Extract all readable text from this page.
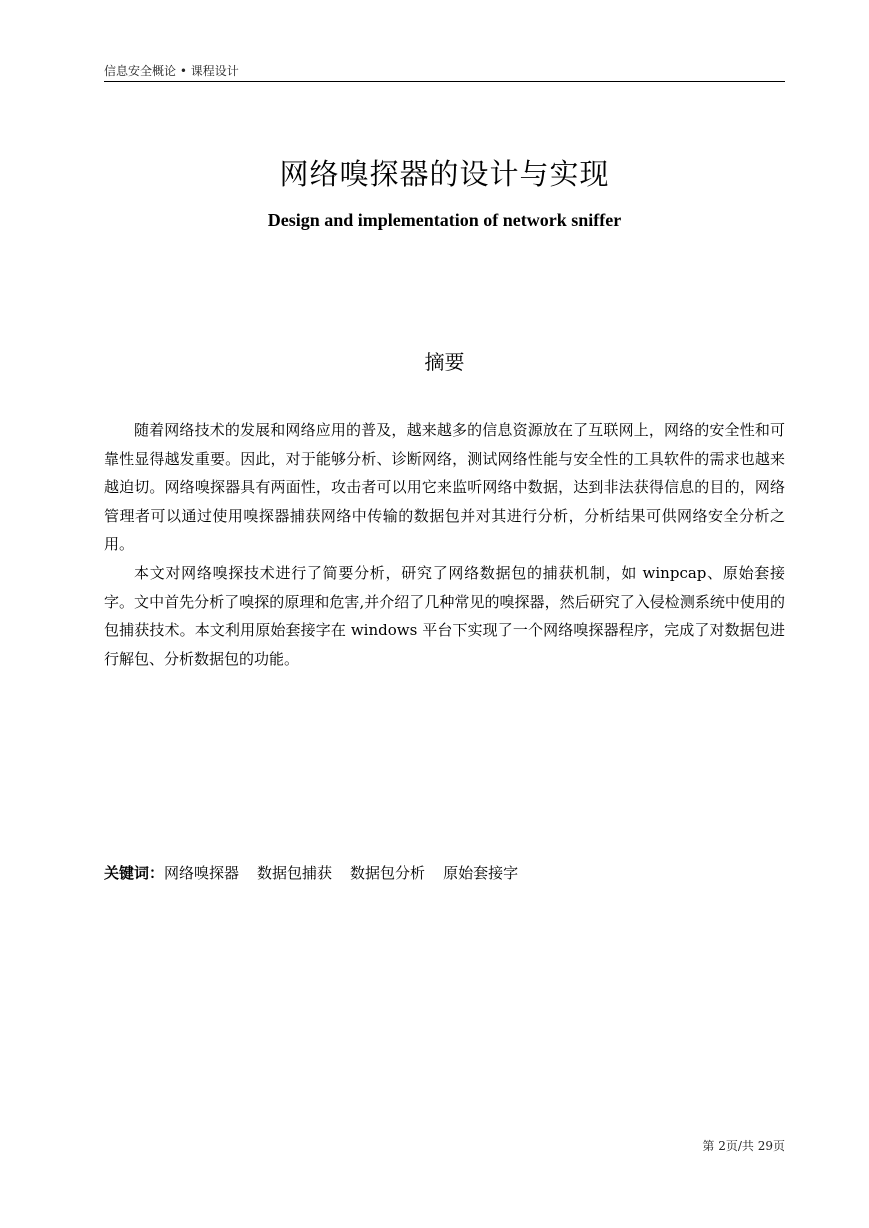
信息安全概论 • 课程设计
网络嗅探器的设计与实现
Design and implementation of network sniffer
摘要

随着网络技术的发展和网络应用的普及，越来越多的信息资源放在了互联网上，网络的安全性和可靠性显得越发重要。因此，对于能够分析、诊断网络，测试网络性能与安全性的工具软件的需求也越来越迫切。网络嗅探器具有两面性，攻击者可以用它来监听网络中数据，达到非法获得信息的目的，网络管理者可以通过使用嗅探器捕获网络中传输的数据包并对其进行分析，分析结果可供网络安全分析之用。

本文对网络嗅探技术进行了简要分析，研究了网络数据包的捕获机制，如 winpcap、原始套接字。文中首先分析了嗅探的原理和危害,并介绍了几种常见的嗅探器，然后研究了入侵检测系统中使用的包捕获技术。本文利用原始套接字在 windows 平台下实现了一个网络嗅探器程序，完成了对数据包进行解包、分析数据包的功能。

关键词：网络嗅探器 数据包捕获 数据包分析 原始套接字
第 2页/共 29页
